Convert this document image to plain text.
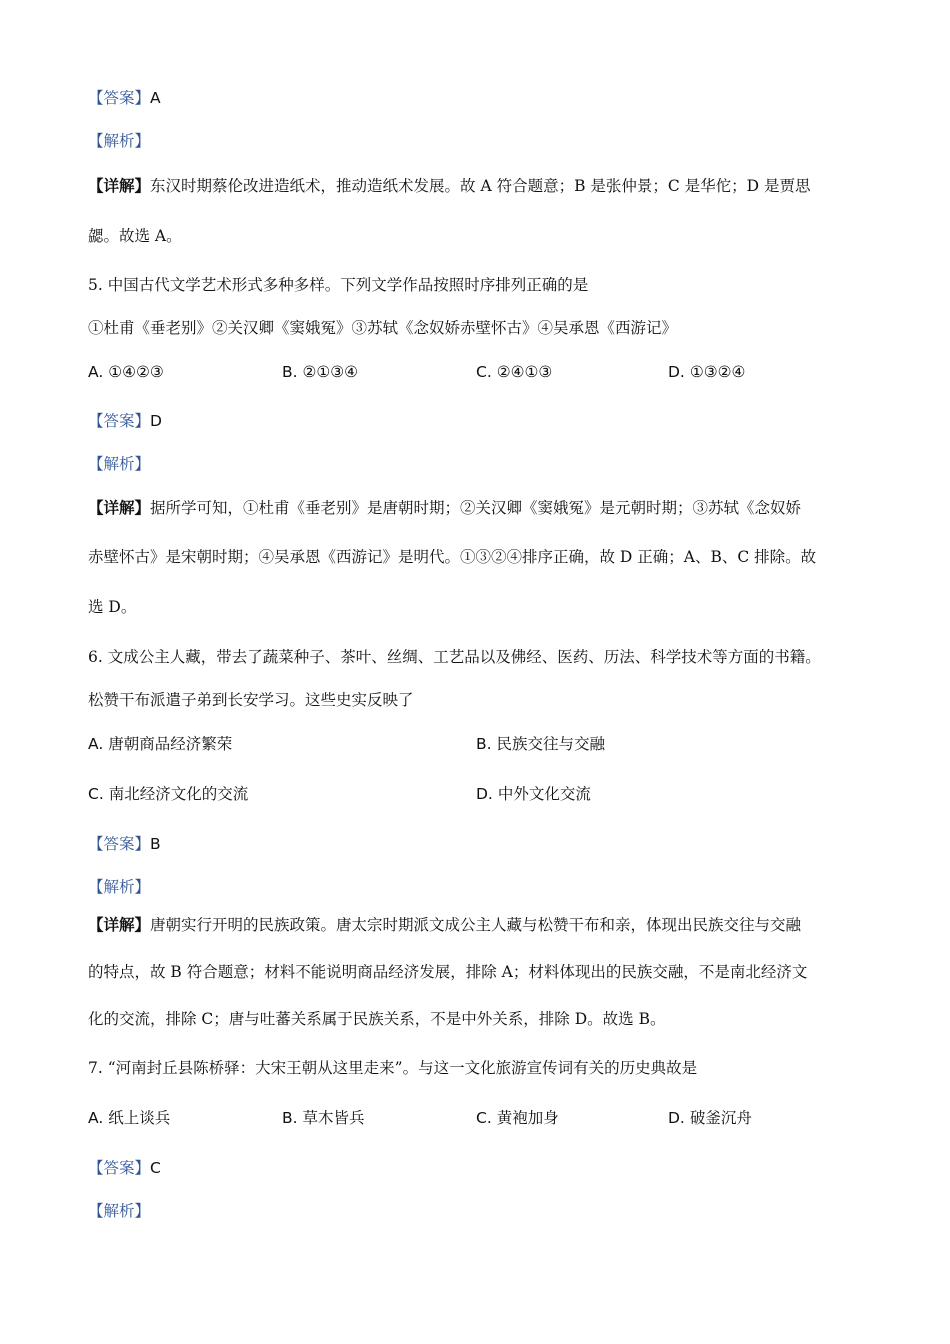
【答案】A
【解析】
【详解】东汉时期蔡伦改进造纸术，推动造纸术发展。故 A 符合题意；B 是张仲景；C 是华佗；D 是贾思
勰。故选 A。
5. 中国古代文学艺术形式多种多样。下列文学作品按照时序排列正确的是
①杜甫《垂老别》②关汉卿《窦娥冤》③苏轼《念奴娇赤壁怀古》④吴承恩《西游记》
A. ①④②③	B. ②①③④	C. ②④①③	D. ①③②④
【答案】D
【解析】
【详解】据所学可知，①杜甫《垂老别》是唐朝时期；②关汉卿《窦娥冤》是元朝时期；③苏轼《念奴娇
赤壁怀古》是宋朝时期；④吴承恩《西游记》是明代。①③②④排序正确，故 D 正确；A、B、C 排除。故
选 D。
6. 文成公主人藏，带去了蔬菜种子、茶叶、丝绸、工艺品以及佛经、医药、历法、科学技术等方面的书籍。
松赞干布派遣子弟到长安学习。这些史实反映了
A. 唐朝商品经济繁荣	B. 民族交往与交融
C. 南北经济文化的交流	D. 中外文化交流
【答案】B
【解析】
【详解】唐朝实行开明的民族政策。唐太宗时期派文成公主人藏与松赞干布和亲，体现出民族交往与交融
的特点，故 B 符合题意；材料不能说明商品经济发展，排除 A；材料体现出的民族交融，不是南北经济文
化的交流，排除 C；唐与吐蕃关系属于民族关系，不是中外关系，排除 D。故选 B。
7. “河南封丘县陈桥驿：大宋王朝从这里走来”。与这一文化旅游宣传词有关的历史典故是
A. 纸上谈兵	B. 草木皆兵	C. 黄袍加身	D. 破釜沉舟
【答案】C
【解析】
